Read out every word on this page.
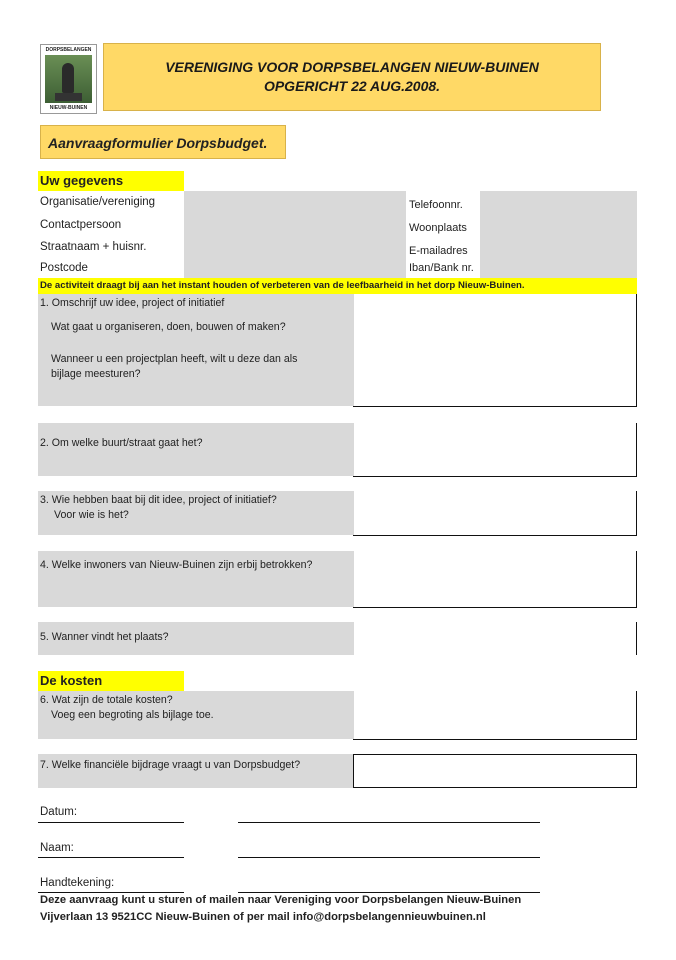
DORPSBELANGEN
NIEUW-BUINEN
VERENIGING VOOR DORPSBELANGEN NIEUW-BUINEN
OPGERICHT 22 AUG.2008.
Aanvraagformulier Dorpsbudget.
Uw gegevens
Organisatie/vereniging
Contactpersoon
Straatnaam + huisnr.
Postcode
Telefoonnr.
Woonplaats
E-mailadres
Iban/Bank nr.
De activiteit draagt bij aan het instant houden of verbeteren van de leefbaarheid in het dorp Nieuw-Buinen.
1. Omschrijf uw idee, project of initiatief
Wat gaat u organiseren, doen, bouwen of maken?
Wanneer u een projectplan heeft, wilt u deze dan als
bijlage meesturen?
2. Om welke buurt/straat gaat het?
3. Wie hebben baat bij dit idee, project of initiatief?
Voor wie is het?
4. Welke inwoners van Nieuw-Buinen zijn erbij betrokken?
5. Wanner vindt het plaats?
De kosten
6. Wat zijn de totale kosten?
Voeg een begroting als bijlage toe.
7. Welke financiële bijdrage vraagt u van Dorpsbudget?
Datum:
Naam:
Handtekening:
Deze aanvraag kunt u sturen of mailen naar Vereniging voor Dorpsbelangen Nieuw-Buinen
Vijverlaan 13 9521CC Nieuw-Buinen of per mail info@dorpsbelangennieuwbuinen.nl
